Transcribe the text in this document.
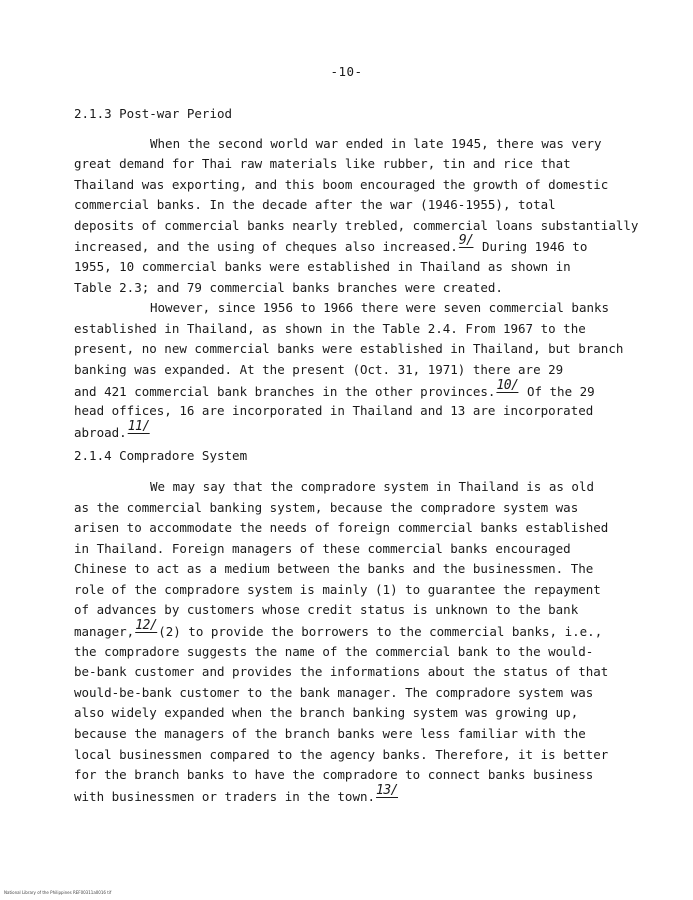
-10-

2.1.3 Post-war Period

When the second world war ended in late 1945, there was very
great demand for Thai raw materials like rubber, tin and rice that
Thailand was exporting, and this boom encouraged the growth of domestic
commercial banks. In the decade after the war (1946-1955), total
deposits of commercial banks nearly trebled, commercial loans substantially
increased, and the using of cheques also increased.9/ During 1946 to
1955, 10 commercial banks were established in Thailand as shown in
Table 2.3; and 79 commercial banks branches were created.
However, since 1956 to 1966 there were seven commercial banks
established in Thailand, as shown in the Table 2.4. From 1967 to the
present, no new commercial banks were established in Thailand, but branch
banking was expanded. At the present (Oct. 31, 1971) there are 29
and 421 commercial bank branches in the other provinces.10/ Of the 29
head offices, 16 are incorporated in Thailand and 13 are incorporated
abroad.11/

2.1.4 Compradore System

We may say that the compradore system in Thailand is as old
as the commercial banking system, because the compradore system was
arisen to accommodate the needs of foreign commercial banks established
in Thailand. Foreign managers of these commercial banks encouraged
Chinese to act as a medium between the banks and the businessmen. The
role of the compradore system is mainly (1) to guarantee the repayment
of advances by customers whose credit status is unknown to the bank
manager,12/(2) to provide the borrowers to the commercial banks, i.e.,
the compradore suggests the name of the commercial bank to the would-
be-bank customer and provides the informations about the status of that
would-be-bank customer to the bank manager. The compradore system was
also widely expanded when the branch banking system was growing up,
because the managers of the branch banks were less familiar with the
local businessmen compared to the agency banks. Therefore, it is better
for the branch banks to have the compradore to connect banks business
with businessmen or traders in the town.13/
National Library of the Philippines REF00311a0016 tif
